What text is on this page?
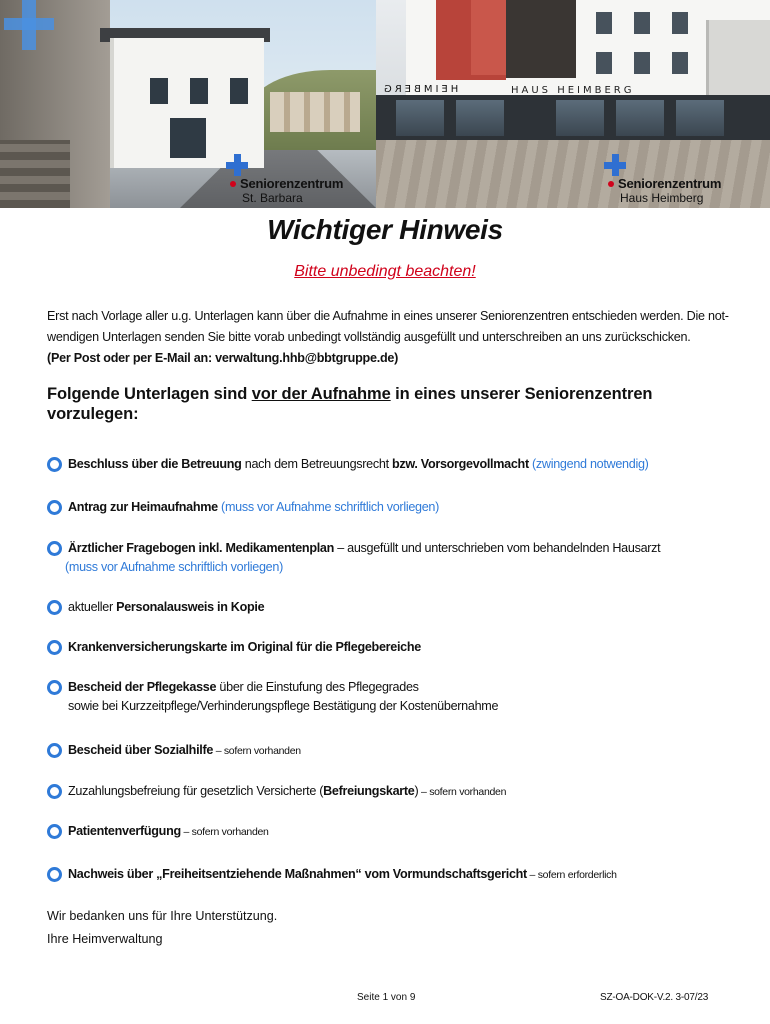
Seniorenzentrum
St. Barbara
HEIMBERG	HAUS HEIMBERG
Seniorenzentrum
Haus Heimberg
Wichtiger Hinweis
Bitte unbedingt beachten!
Erst nach Vorlage aller u.g. Unterlagen kann über die Aufnahme in eines unserer Seniorenzentren entschieden werden. Die not-
wendigen Unterlagen senden Sie bitte vorab unbedingt vollständig ausgefüllt und unterschreiben an uns zurückschicken.
(Per Post oder per E-Mail an: verwaltung.hhb@bbtgruppe.de)
Folgende Unterlagen sind vor der Aufnahme in eines unserer Seniorenzentren
vorzulegen:
Beschluss über die Betreuung nach dem Betreuungsrecht bzw. Vorsorgevollmacht (zwingend notwendig)
Antrag zur Heimaufnahme (muss vor Aufnahme schriftlich vorliegen)
Ärztlicher Fragebogen inkl. Medikamentenplan – ausgefüllt und unterschrieben vom behandelnden Hausarzt
(muss vor Aufnahme schriftlich vorliegen)
aktueller Personalausweis in Kopie
Krankenversicherungskarte im Original für die Pflegebereiche
Bescheid der Pflegekasse über die Einstufung des Pflegegrades
sowie bei Kurzzeitpflege/Verhinderungspflege Bestätigung der Kostenübernahme
Bescheid über Sozialhilfe – sofern vorhanden
Zuzahlungsbefreiung für gesetzlich Versicherte (Befreiungskarte) – sofern vorhanden
Patientenverfügung – sofern vorhanden
Nachweis über „Freiheitsentziehende Maßnahmen“ vom Vormundschaftsgericht – sofern erforderlich
Wir bedanken uns für Ihre Unterstützung.
Ihre Heimverwaltung
Seite 1 von 9	SZ-OA-DOK-V.2. 3-07/23
